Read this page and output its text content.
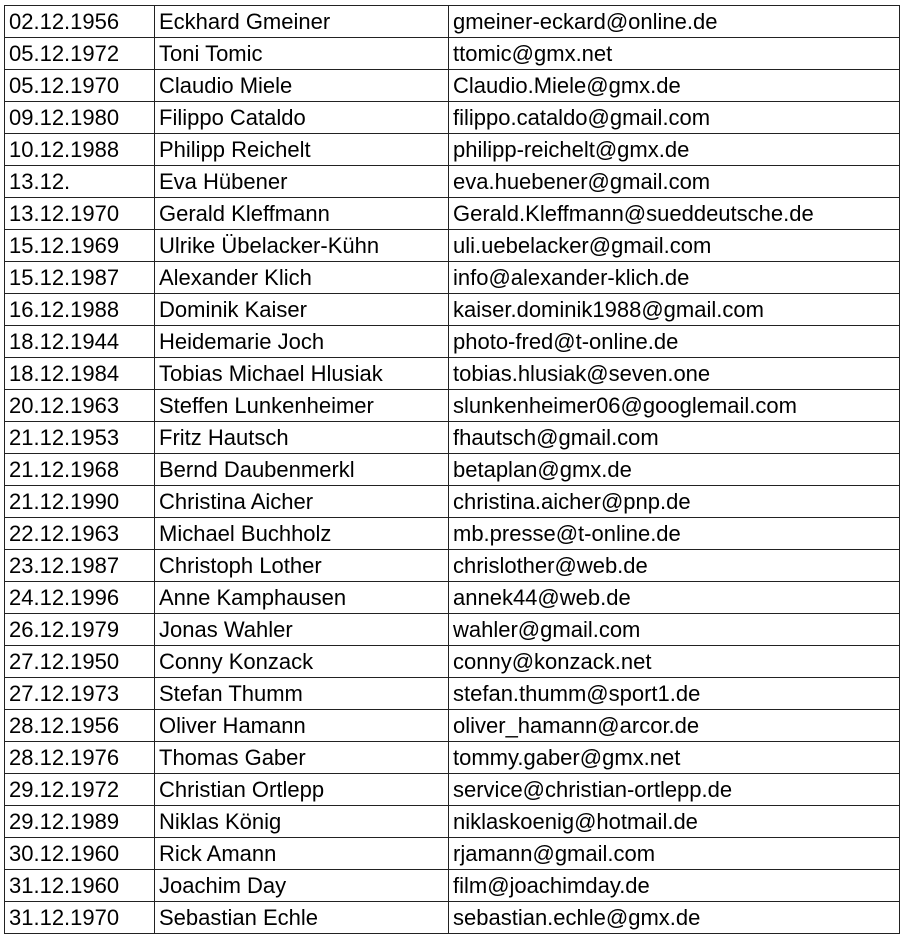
02.12.1956	Eckhard Gmeiner	gmeiner-eckard@online.de
05.12.1972	Toni Tomic	ttomic@gmx.net
05.12.1970	Claudio Miele	Claudio.Miele@gmx.de
09.12.1980	Filippo Cataldo	filippo.cataldo@gmail.com
10.12.1988	Philipp Reichelt	philipp-reichelt@gmx.de
13.12.	Eva Hübener	eva.huebener@gmail.com
13.12.1970	Gerald Kleffmann	Gerald.Kleffmann@sueddeutsche.de
15.12.1969	Ulrike Übelacker-Kühn	uli.uebelacker@gmail.com
15.12.1987	Alexander Klich	info@alexander-klich.de
16.12.1988	Dominik Kaiser	kaiser.dominik1988@gmail.com
18.12.1944	Heidemarie Joch	photo-fred@t-online.de
18.12.1984	Tobias Michael Hlusiak	tobias.hlusiak@seven.one
20.12.1963	Steffen Lunkenheimer	slunkenheimer06@googlemail.com
21.12.1953	Fritz Hautsch	fhautsch@gmail.com
21.12.1968	Bernd Daubenmerkl	betaplan@gmx.de
21.12.1990	Christina Aicher	christina.aicher@pnp.de
22.12.1963	Michael Buchholz	mb.presse@t-online.de
23.12.1987	Christoph Lother	chrislother@web.de
24.12.1996	Anne Kamphausen	annek44@web.de
26.12.1979	Jonas Wahler	wahler@gmail.com
27.12.1950	Conny Konzack	conny@konzack.net
27.12.1973	Stefan Thumm	stefan.thumm@sport1.de
28.12.1956	Oliver Hamann	oliver_hamann@arcor.de
28.12.1976	Thomas Gaber	tommy.gaber@gmx.net
29.12.1972	Christian Ortlepp	service@christian-ortlepp.de
29.12.1989	Niklas König	niklaskoenig@hotmail.de
30.12.1960	Rick Amann	rjamann@gmail.com
31.12.1960	Joachim Day	film@joachimday.de
31.12.1970	Sebastian Echle	sebastian.echle@gmx.de
